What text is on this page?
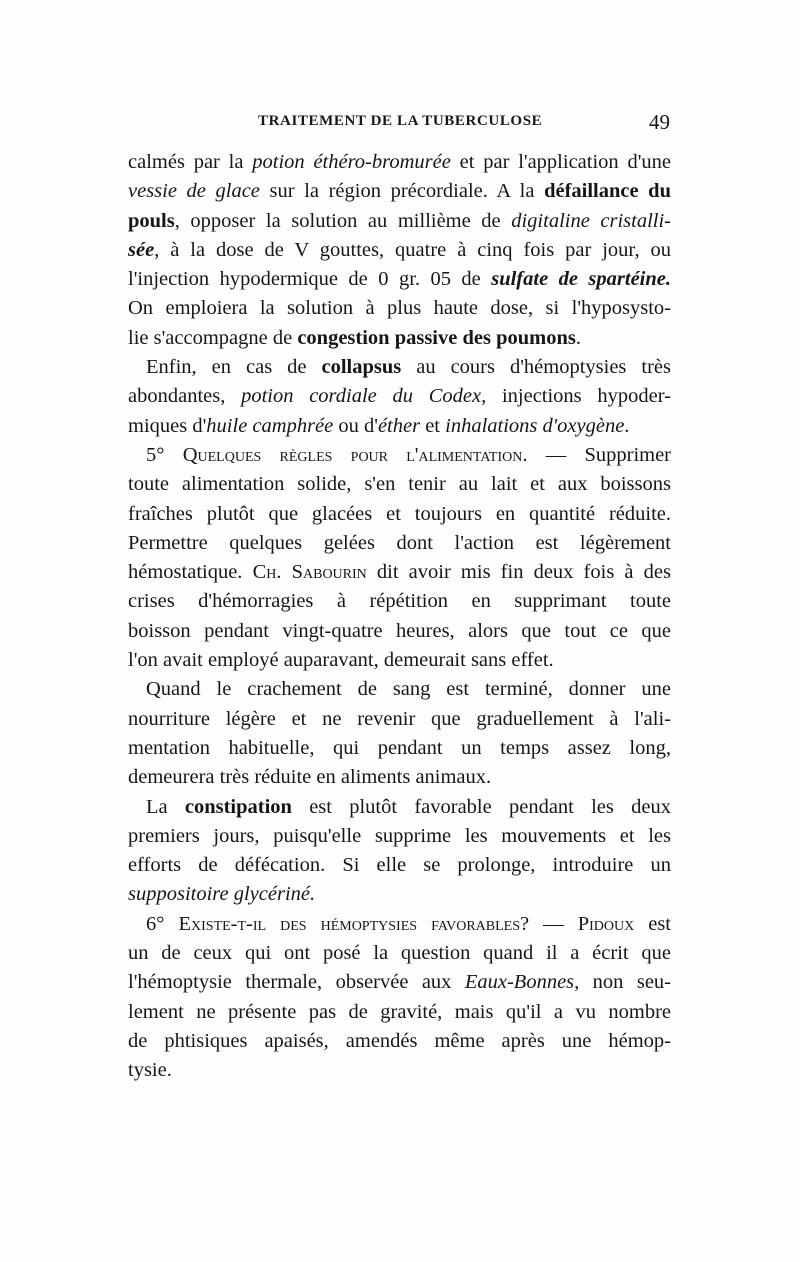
TRAITEMENT DE LA TUBERCULOSE	49
calmés par la potion éthéro-bromurée et par l'application d'une
vessie de glace sur la région précordiale. A la défaillance du
pouls, opposer la solution au millième de digitaline cristalli-
sée, à la dose de V gouttes, quatre à cinq fois par jour, ou
l'injection hypodermique de 0 gr. 05 de sulfate de spartéine.
On emploiera la solution à plus haute dose, si l'hyposysto-
lie s'accompagne de congestion passive des poumons.
Enfin, en cas de collapsus au cours d'hémoptysies très
abondantes, potion cordiale du Codex, injections hypoder-
miques d'huile camphrée ou d'éther et inhalations d'oxygène.
5° Quelques règles pour l'alimentation. — Supprimer
toute alimentation solide, s'en tenir au lait et aux boissons
fraîches plutôt que glacées et toujours en quantité réduite.
Permettre quelques gelées dont l'action est légèrement
hémostatique. Ch. Sabourin dit avoir mis fin deux fois à des
crises d'hémorragies à répétition en supprimant toute
boisson pendant vingt-quatre heures, alors que tout ce que
l'on avait employé auparavant, demeurait sans effet.
Quand le crachement de sang est terminé, donner une
nourriture légère et ne revenir que graduellement à l'ali-
mentation habituelle, qui pendant un temps assez long,
demeurera très réduite en aliments animaux.
La constipation est plutôt favorable pendant les deux
premiers jours, puisqu'elle supprime les mouvements et les
efforts de défécation. Si elle se prolonge, introduire un
suppositoire glycériné.
6° Existe-t-il des hémoptysies favorables? — Pidoux est
un de ceux qui ont posé la question quand il a écrit que
l'hémoptysie thermale, observée aux Eaux-Bonnes, non seu-
lement ne présente pas de gravité, mais qu'il a vu nombre
de phtisiques apaisés, amendés même après une hémop-
tysie.
